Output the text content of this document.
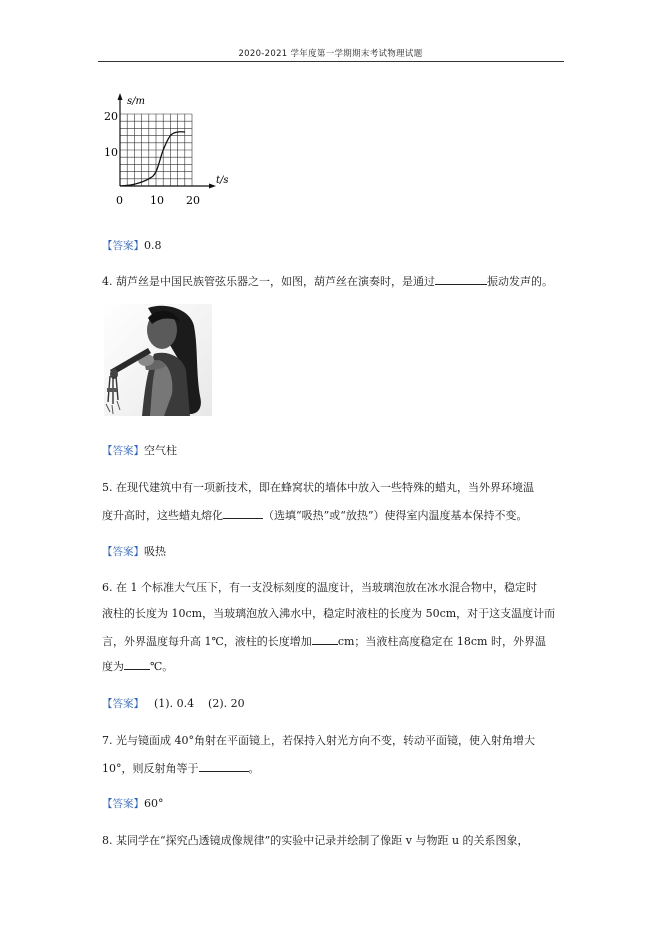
2020-2021 学年度第一学期期末考试物理试题
s/m
t/s
20
10
0 10 20
【答案】0.8
4. 葫芦丝是中国民族管弦乐器之一，如图，葫芦丝在演奏时，是通过	振动发声的。
【答案】空气柱
5. 在现代建筑中有一项新技术，即在蜂窝状的墙体中放入一些特殊的蜡丸，当外界环境温
度升高时，这些蜡丸熔化	（选填“吸热”或“放热”）使得室内温度基本保持不变。
【答案】吸热
6. 在 1 个标准大气压下，有一支没标刻度的温度计，当玻璃泡放在冰水混合物中，稳定时
液柱的长度为 10cm，当玻璃泡放入沸水中，稳定时液柱的长度为 50cm，对于这支温度计而
言，外界温度每升高 1℃，液柱的长度增加 cm；当液柱高度稳定在 18cm 时，外界温
度为 ℃。
【答案】 (1). 0.4    (2). 20
7. 光与镜面成 40°角射在平面镜上，若保持入射光方向不变，转动平面镜，使入射角增大
10°，则反射角等于	。
【答案】60°
8. 某同学在“探究凸透镜成像规律”的实验中记录并绘制了像距 v 与物距 u 的关系图象，
